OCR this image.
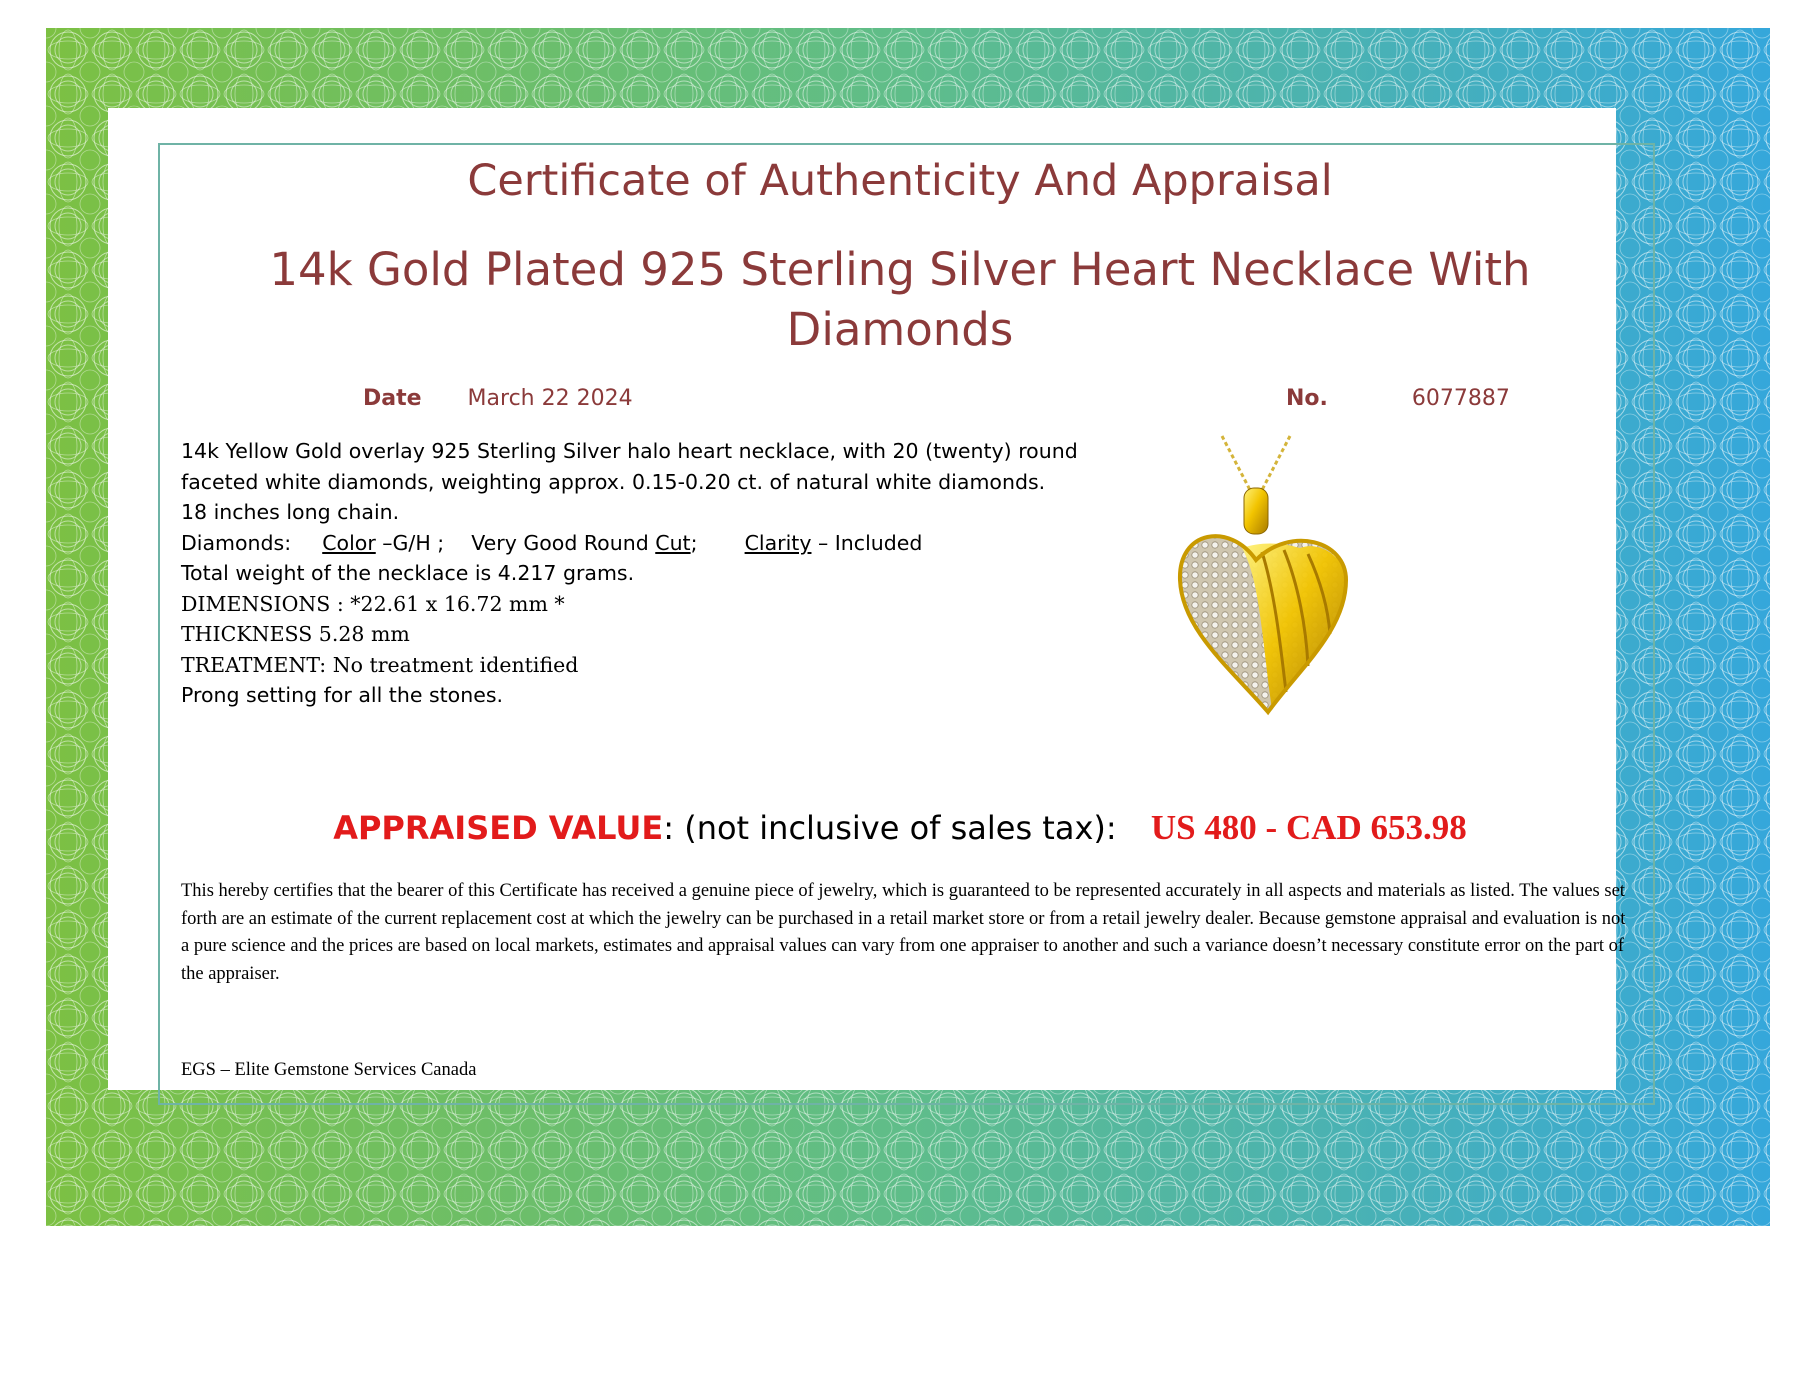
Certificate of Authenticity And Appraisal
14k Gold Plated 925 Sterling Silver Heart Necklace With Diamonds
Date March 22 2024	No.	6077887
14k Yellow Gold overlay 925 Sterling Silver halo heart necklace, with 20 (twenty) round
faceted white diamonds, weighting approx. 0.15-0.20 ct. of natural white diamonds.
18 inches long chain.
Diamonds: Color –G/H ; Very Good Round Cut; Clarity – Included
Total weight of the necklace is 4.217 grams.
DIMENSIONS : *22.61 x 16.72 mm *
THICKNESS 5.28 mm
TREATMENT: No treatment identified
Prong setting for all the stones.
APPRAISED VALUE: (not inclusive of sales tax): US 480 - CAD 653.98
This hereby certifies that the bearer of this Certificate has received a genuine piece of jewelry, which is guaranteed to be represented accurately in all aspects and materials as listed. The values set forth are an estimate of the current replacement cost at which the jewelry can be purchased in a retail market store or from a retail jewelry dealer. Because gemstone appraisal and evaluation is not a pure science and the prices are based on local markets, estimates and appraisal values can vary from one appraiser to another and such a variance doesn’t necessary constitute error on the part of the appraiser.
EGS – Elite Gemstone Services Canada
